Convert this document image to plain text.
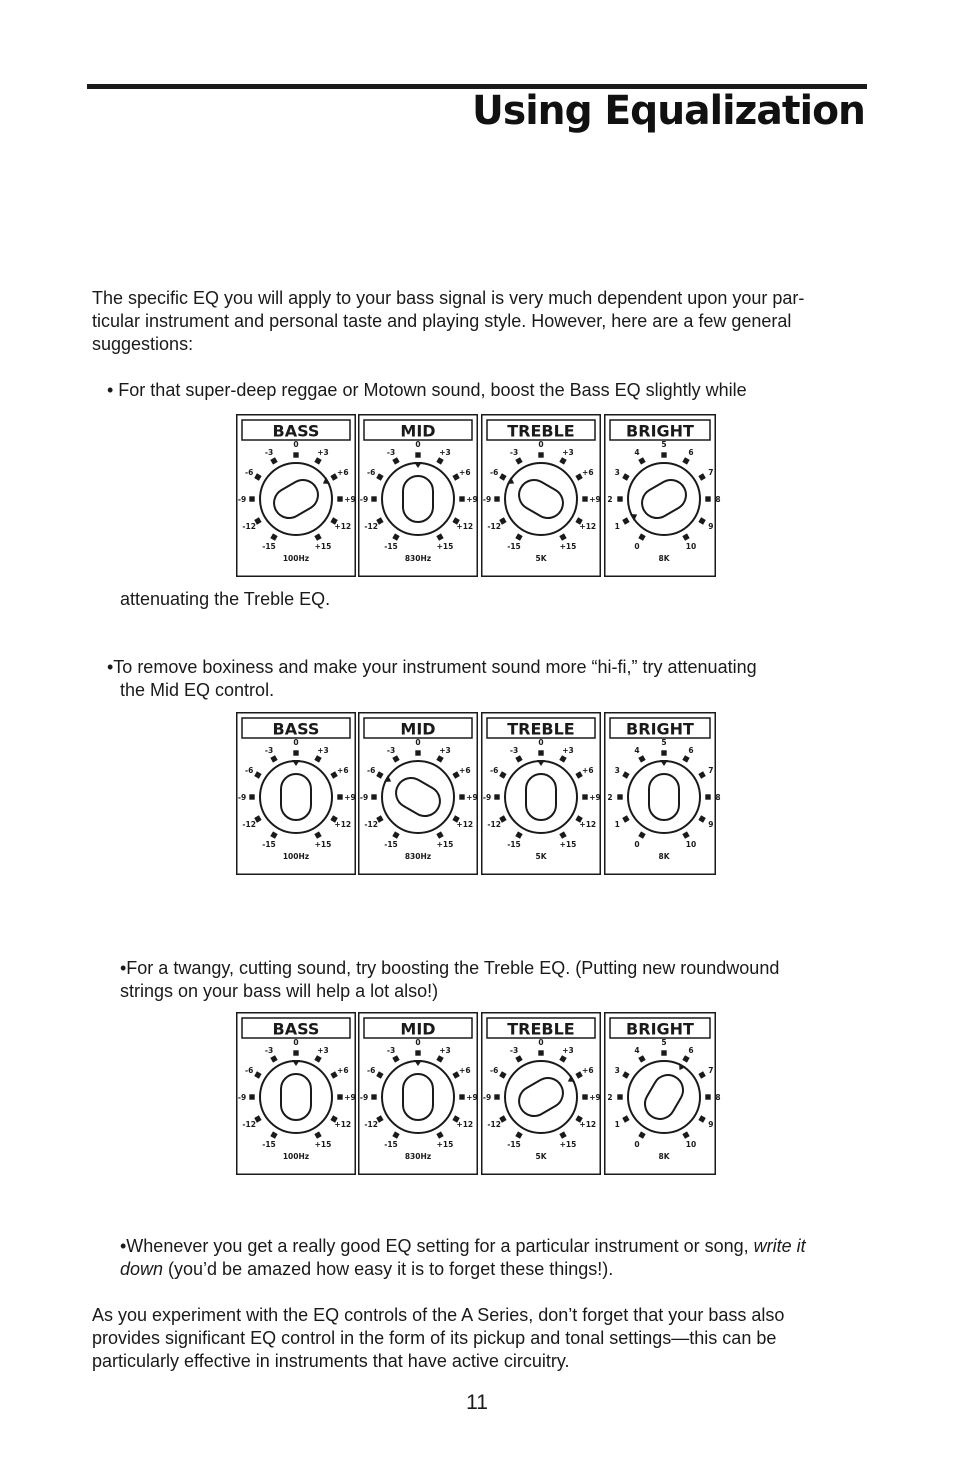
Using Equalization
The specific EQ you will apply to your bass signal is very much dependent upon your par-
ticular instrument and personal taste and playing style. However, here are a few general
suggestions:
• For that super-deep reggae or Motown sound, boost the Bass EQ slightly while
BASS
-15
-12
-9
-6
-3
0
+3
+6
+9
+12
+15
100Hz
MID
-15
-12
-9
-6
-3
0
+3
+6
+9
+12
+15
830Hz
TREBLE
-15
-12
-9
-6
-3
0
+3
+6
+9
+12
+15
5K
BRIGHT
0
1
2
3
4
5
6
7
8
9
10
8K
attenuating the Treble EQ.
•To remove boxiness and make your instrument sound more “hi-fi,” try attenuating
the Mid EQ control.
BASS
-15
-12
-9
-6
-3
0
+3
+6
+9
+12
+15
100Hz
MID
-15
-12
-9
-6
-3
0
+3
+6
+9
+12
+15
830Hz
TREBLE
-15
-12
-9
-6
-3
0
+3
+6
+9
+12
+15
5K
BRIGHT
0
1
2
3
4
5
6
7
8
9
10
8K
•For a twangy, cutting sound, try boosting the Treble EQ. (Putting new roundwound
strings on your bass will help a lot also!)
BASS
-15
-12
-9
-6
-3
0
+3
+6
+9
+12
+15
100Hz
MID
-15
-12
-9
-6
-3
0
+3
+6
+9
+12
+15
830Hz
TREBLE
-15
-12
-9
-6
-3
0
+3
+6
+9
+12
+15
5K
BRIGHT
0
1
2
3
4
5
6
7
8
9
10
8K
•Whenever you get a really good EQ setting for a particular instrument or song, write it
down (you’d be amazed how easy it is to forget these things!).
As you experiment with the EQ controls of the A Series, don’t forget that your bass also
provides significant EQ control in the form of its pickup and tonal settings—this can be
particularly effective in instruments that have active circuitry.
11
